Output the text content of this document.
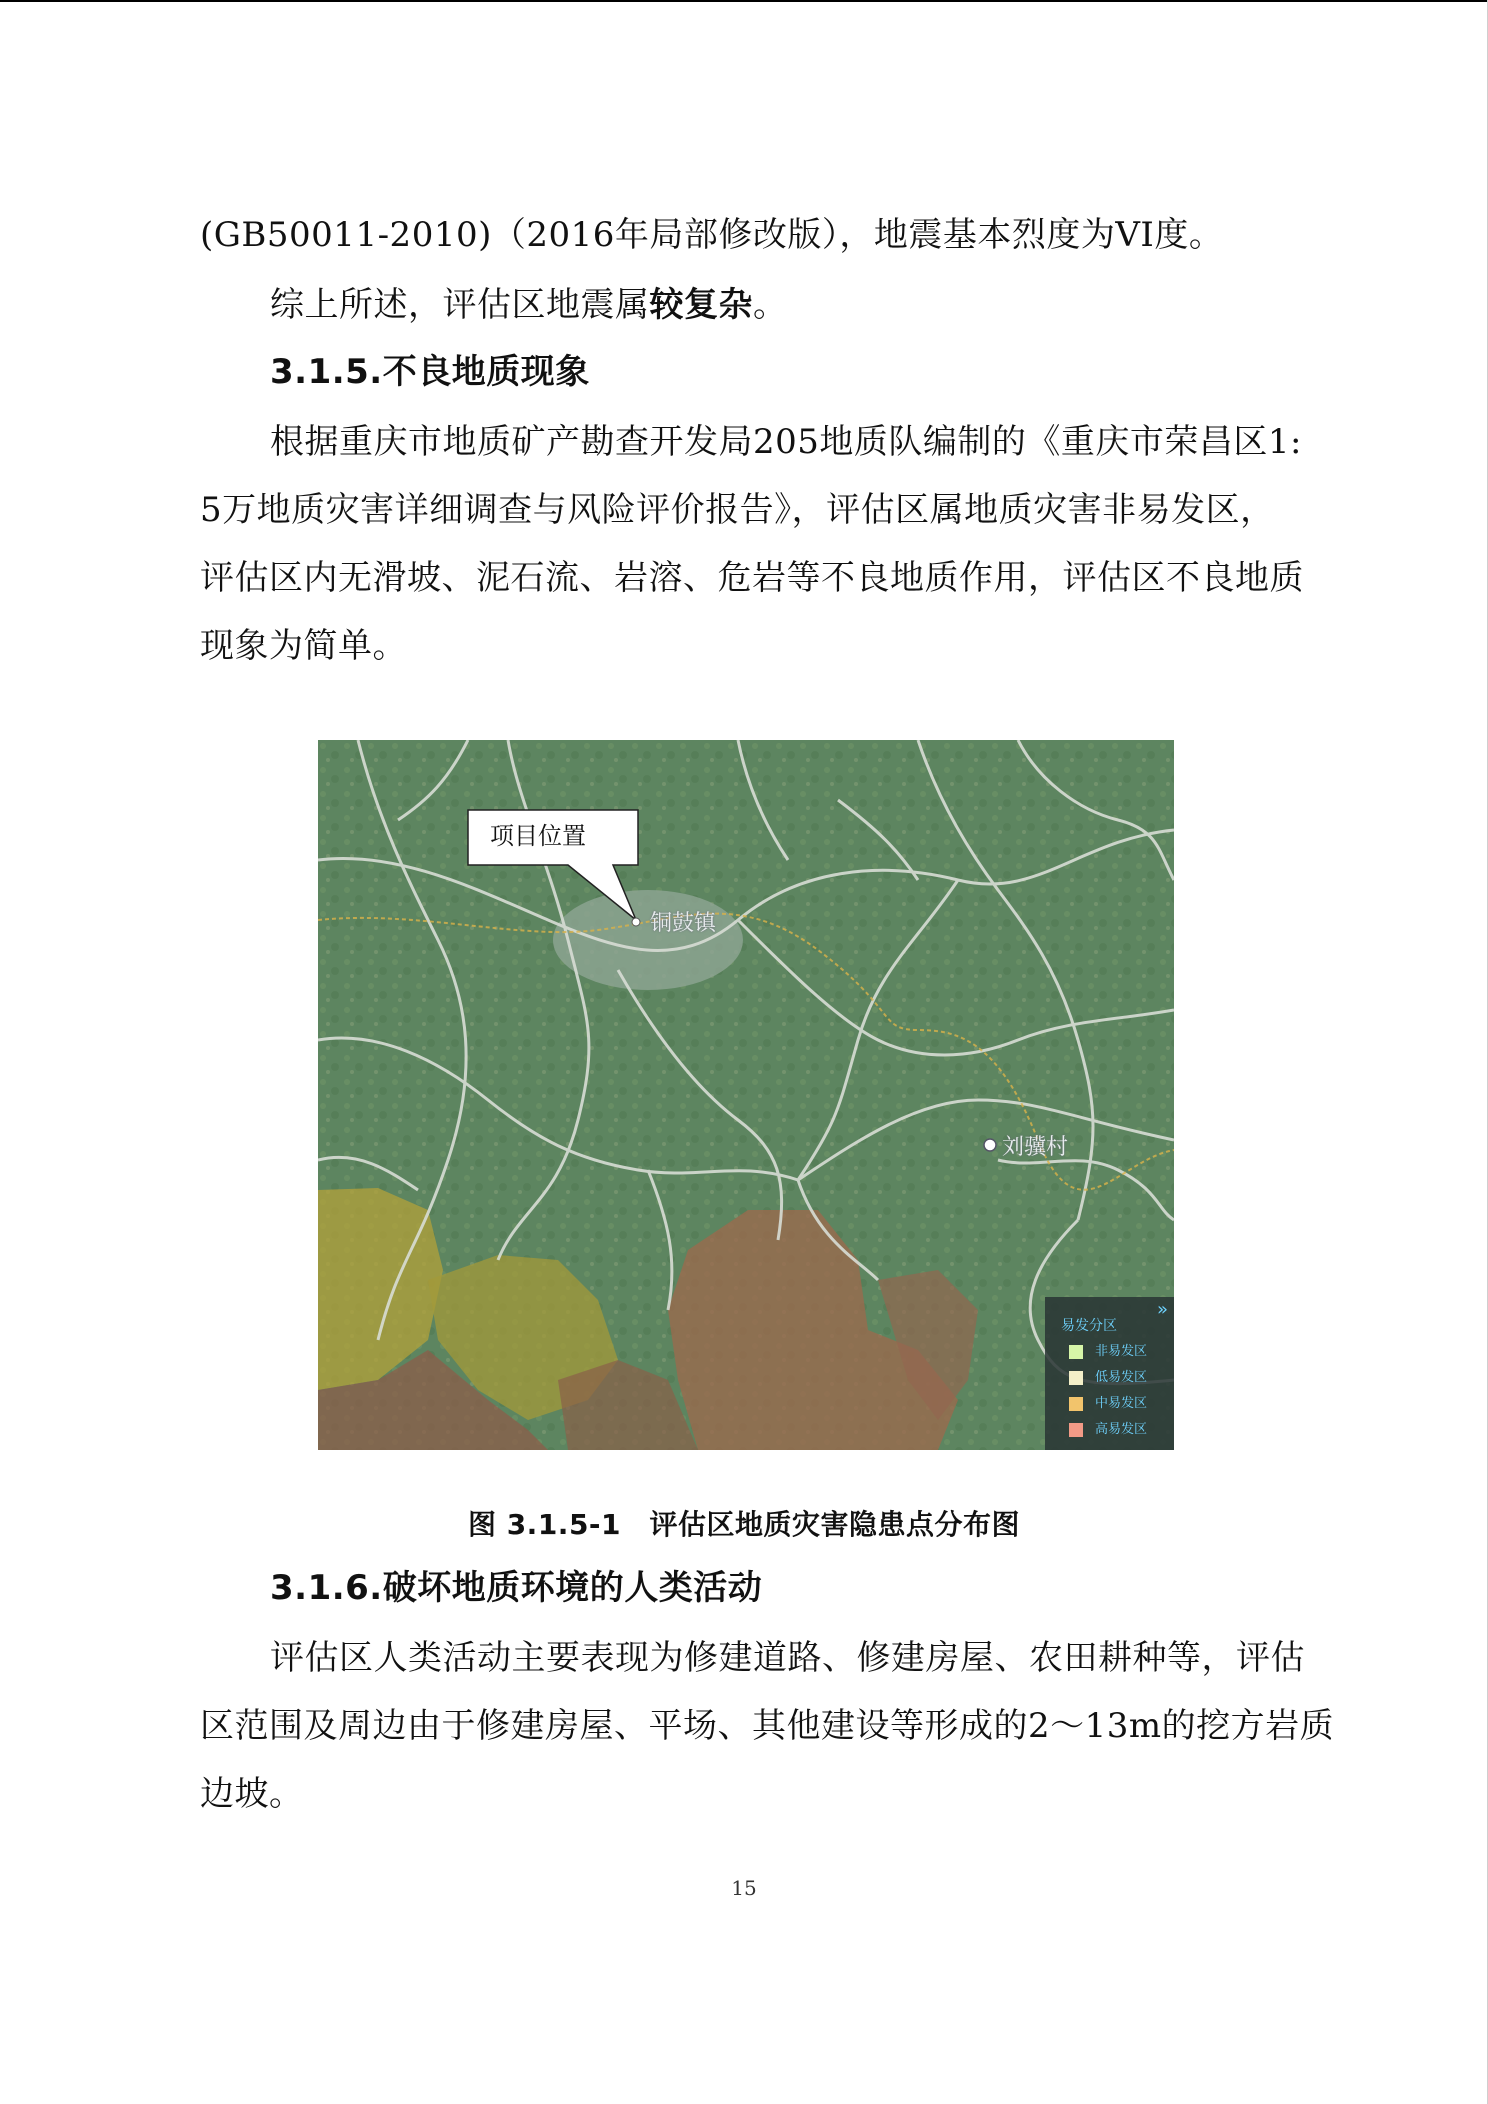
(GB50011-2010)（2016年局部修改版），地震基本烈度为VI度。
综上所述，评估区地震属较复杂。
3.1.5.不良地质现象
根据重庆市地质矿产勘查开发局205地质队编制的《重庆市荣昌区1:
5万地质灾害详细调查与风险评价报告》，评估区属地质灾害非易发区，
评估区内无滑坡、泥石流、岩溶、危岩等不良地质作用，评估区不良地质
现象为简单。
项目位置
铜鼓镇
刘骥村
»
易发分区
非易发区
低易发区
中易发区
高易发区
图 3.1.5-1　评估区地质灾害隐患点分布图
3.1.6.破坏地质环境的人类活动
评估区人类活动主要表现为修建道路、修建房屋、农田耕种等，评估
区范围及周边由于修建房屋、平场、其他建设等形成的2～13m的挖方岩质
边坡。
15
